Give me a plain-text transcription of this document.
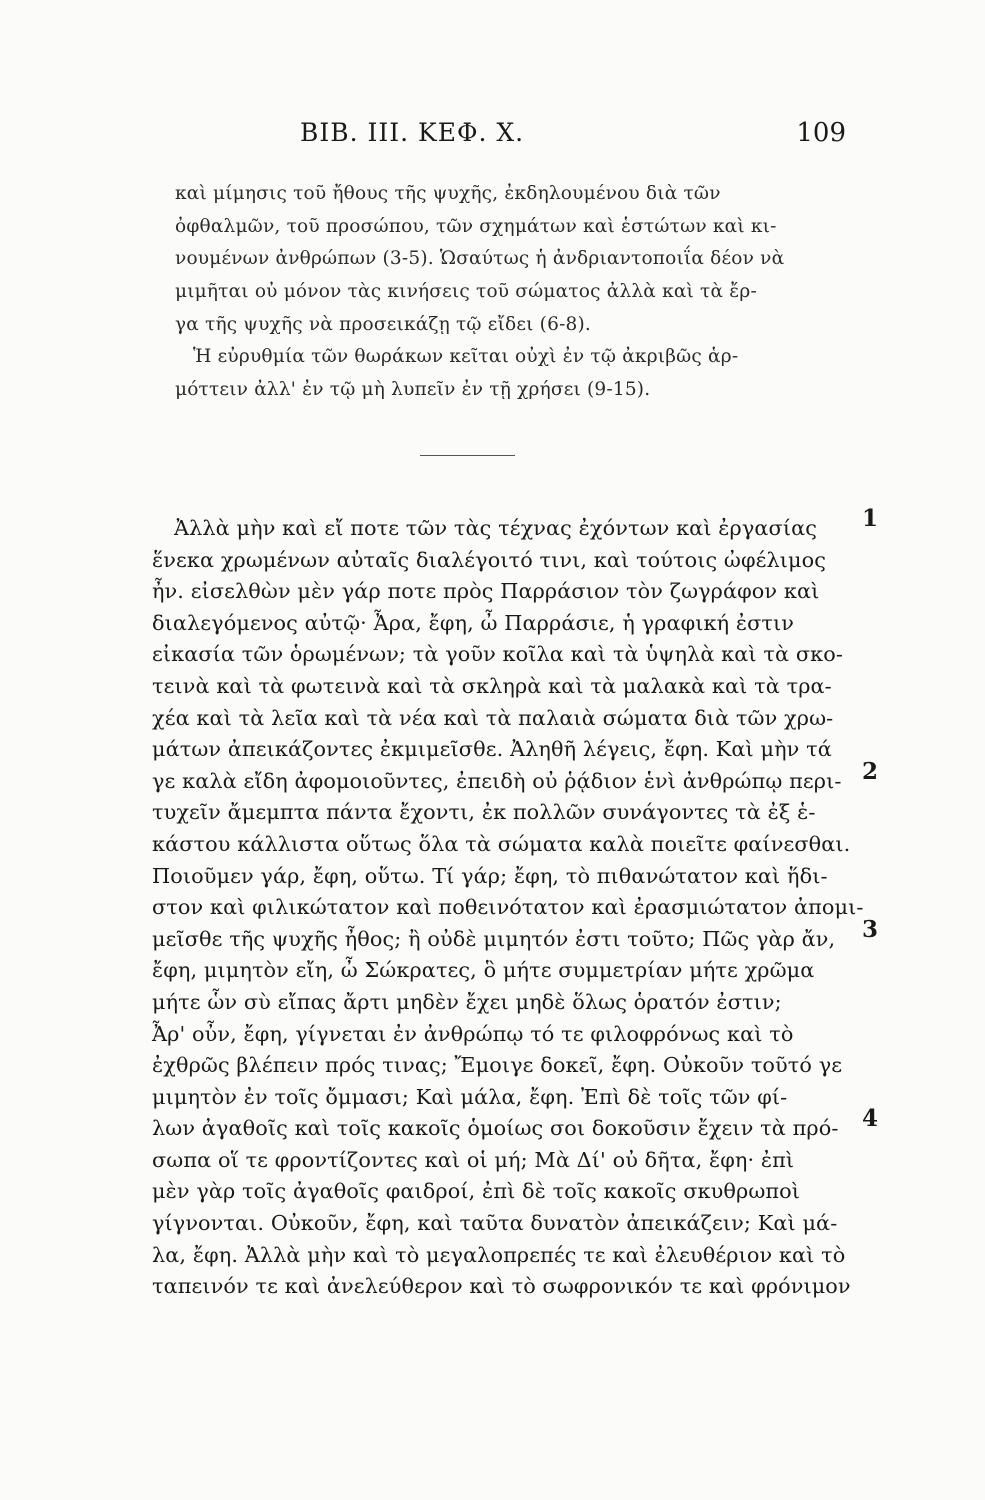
ΒΙΒ. ΙΙΙ. ΚΕΦ. Χ.	109
καὶ μίμησις τοῦ ἤθους τῆς ψυχῆς, ἐκδηλουμένου διὰ τῶν
ὀφθαλμῶν, τοῦ προσώπου, τῶν σχημάτων καὶ ἑστώτων καὶ κι-
νουμένων ἀνθρώπων (3-5). Ὡσαύτως ἡ ἀνδριαντοποιΐα δέον νὰ
μιμῆται οὐ μόνον τὰς κινήσεις τοῦ σώματος ἀλλὰ καὶ τὰ ἔρ-
γα τῆς ψυχῆς νὰ προσεικάζῃ τῷ εἴδει (6-8).
Ἡ εὐρυθμία τῶν θωράκων κεῖται οὐχὶ ἐν τῷ ἀκριβῶς ἁρ-
μόττειν ἀλλ' ἐν τῷ μὴ λυπεῖν ἐν τῇ χρήσει (9-15).
Ἀλλὰ μὴν καὶ εἴ ποτε τῶν τὰς τέχνας ἐχόντων καὶ ἐργασίας
ἕνεκα χρωμένων αὐταῖς διαλέγοιτό τινι, καὶ τούτοις ὠφέλιμος
ἦν. εἰσελθὼν μὲν γάρ ποτε πρὸς Παρράσιον τὸν ζωγράφον καὶ
διαλεγόμενος αὐτῷ· Ἆρα, ἔφη, ὦ Παρράσιε, ἡ γραφική ἐστιν
εἰκασία τῶν ὁρωμένων; τὰ γοῦν κοῖλα καὶ τὰ ὑψηλὰ καὶ τὰ σκο-
τεινὰ καὶ τὰ φωτεινὰ καὶ τὰ σκληρὰ καὶ τὰ μαλακὰ καὶ τὰ τρα-
χέα καὶ τὰ λεῖα καὶ τὰ νέα καὶ τὰ παλαιὰ σώματα διὰ τῶν χρω-
μάτων ἀπεικάζοντες ἐκμιμεῖσθε. Ἀληθῆ λέγεις, ἔφη. Καὶ μὴν τά
γε καλὰ εἴδη ἀφομοιοῦντες, ἐπειδὴ οὐ ῥᾴδιον ἑνὶ ἀνθρώπῳ περι-
τυχεῖν ἄμεμπτα πάντα ἔχοντι, ἐκ πολλῶν συνάγοντες τὰ ἐξ ἑ-
κάστου κάλλιστα οὕτως ὅλα τὰ σώματα καλὰ ποιεῖτε φαίνεσθαι.
Ποιοῦμεν γάρ, ἔφη, οὕτω. Τί γάρ; ἔφη, τὸ πιθανώτατον καὶ ἥδι-
στον καὶ φιλικώτατον καὶ ποθεινότατον καὶ ἐρασμιώτατον ἀπομι-
μεῖσθε τῆς ψυχῆς ἦθος; ἢ οὐδὲ μιμητόν ἐστι τοῦτο; Πῶς γὰρ ἄν,
ἔφη, μιμητὸν εἴη, ὦ Σώκρατες, ὃ μήτε συμμετρίαν μήτε χρῶμα
μήτε ὧν σὺ εἴπας ἄρτι μηδὲν ἔχει μηδὲ ὅλως ὁρατόν ἐστιν;
Ἆρ' οὖν, ἔφη, γίγνεται ἐν ἀνθρώπῳ τό τε φιλοφρόνως καὶ τὸ
ἐχθρῶς βλέπειν πρός τινας; Ἔμοιγε δοκεῖ, ἔφη. Οὐκοῦν τοῦτό γε
μιμητὸν ἐν τοῖς ὄμμασι; Καὶ μάλα, ἔφη. Ἐπὶ δὲ τοῖς τῶν φί-
λων ἀγαθοῖς καὶ τοῖς κακοῖς ὁμοίως σοι δοκοῦσιν ἔχειν τὰ πρό-
σωπα οἵ τε φροντίζοντες καὶ οἱ μή; Μὰ Δί' οὐ δῆτα, ἔφη· ἐπὶ
μὲν γὰρ τοῖς ἀγαθοῖς φαιδροί, ἐπὶ δὲ τοῖς κακοῖς σκυθρωποὶ
γίγνονται. Οὐκοῦν, ἔφη, καὶ ταῦτα δυνατὸν ἀπεικάζειν; Καὶ μά-
λα, ἔφη. Ἀλλὰ μὴν καὶ τὸ μεγαλοπρεπές τε καὶ ἐλευθέριον καὶ τὸ
ταπεινόν τε καὶ ἀνελεύθερον καὶ τὸ σωφρονικόν τε καὶ φρόνιμον
1
2
3
4
